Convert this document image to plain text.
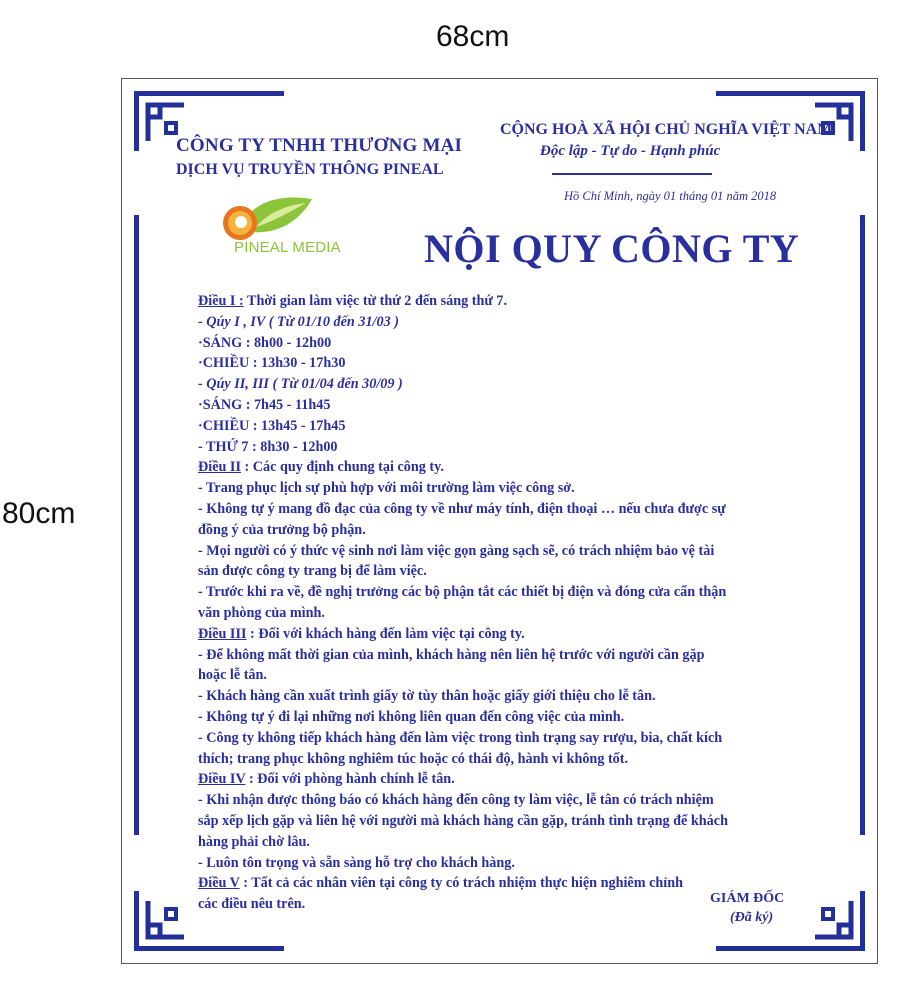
68cm
80cm
CÔNG TY TNHH THƯƠNG MẠI
DỊCH VỤ TRUYỀN THÔNG PINEAL
CỘNG HOÀ XÃ HỘI CHỦ NGHĨA VIỆT NAM
Độc lập - Tự do - Hạnh phúc
Hồ Chí Minh, ngày 01 tháng 01 năm 2018
PINEAL MEDIA NỘI QUY CÔNG TY
Điều I : Thời gian làm việc từ thứ 2 đến sáng thứ 7.
- Qúy I , IV ( Từ 01/10 đến 31/03 )
·SÁNG : 8h00 - 12h00
·CHIỀU : 13h30 - 17h30
- Qúy II, III ( Từ 01/04 đến 30/09 )
·SÁNG : 7h45 - 11h45
·CHIỀU : 13h45 - 17h45
- THỨ 7 : 8h30 - 12h00
Điều II : Các quy định chung tại công ty.
- Trang phục lịch sự phù hợp với môi trường làm việc công sở.
- Không tự ý mang đồ đạc của công ty về như máy tính, điện thoại … nếu chưa được sự
đồng ý của trưởng bộ phận.
- Mọi người có ý thức vệ sinh nơi làm việc gọn gàng sạch sẽ, có trách nhiệm bảo vệ tài
sản được công ty trang bị để làm việc.
- Trước khi ra về, đề nghị trưởng các bộ phận tắt các thiết bị điện và đóng cửa cẩn thận
văn phòng của mình.
Điều III : Đối với khách hàng đến làm việc tại công ty.
- Để không mất thời gian của mình, khách hàng nên liên hệ trước với người cần gặp
hoặc lễ tân.
- Khách hàng cần xuất trình giấy tờ tùy thân hoặc giấy giới thiệu cho lễ tân.
- Không tự ý đi lại những nơi không liên quan đến công việc của mình.
- Công ty không tiếp khách hàng đến làm việc trong tình trạng say rượu, bia, chất kích
thích; trang phục không nghiêm túc hoặc có thái độ, hành vi không tốt.
Điều IV : Đối với phòng hành chính lễ tân.
- Khi nhận được thông báo có khách hàng đến công ty làm việc, lễ tân có trách nhiệm
sắp xếp lịch gặp và liên hệ với người mà khách hàng cần gặp, tránh tình trạng để khách
hàng phải chờ lâu.
- Luôn tôn trọng và sẵn sàng hỗ trợ cho khách hàng.
Điều V : Tất cả các nhân viên tại công ty có trách nhiệm thực hiện nghiêm chỉnh
các điều nêu trên.	GIÁM ĐỐC
(Đã ký)
